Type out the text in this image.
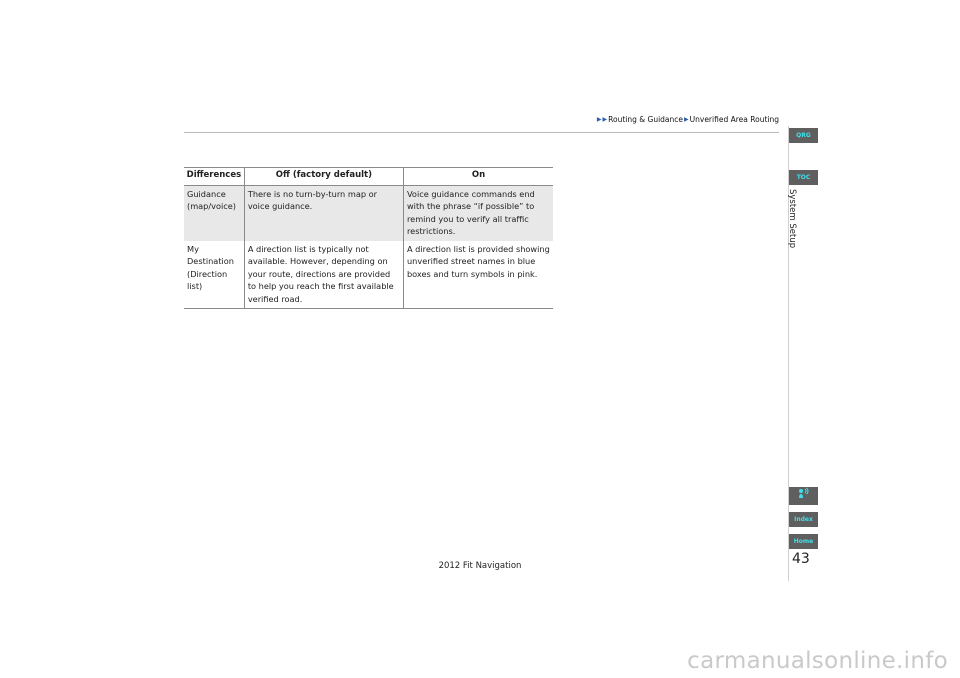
▶ ▶ Routing & Guidance ▶ Unverified Area Routing
QRG
TOC
System Setup
Index
Home
Differences	Off (factory default)	On
Guidance (map/voice)	There is no turn-by-turn map or voice guidance.	Voice guidance commands end with the phrase “if possible” to remind you to verify all traffic restrictions.
My Destination (Direction list)	A direction list is typically not available. However, depending on your route, directions are provided to help you reach the first available verified road.	A direction list is provided showing unverified street names in blue boxes and turn symbols in pink.
43
2012 Fit Navigation
carmanualsonline.info
